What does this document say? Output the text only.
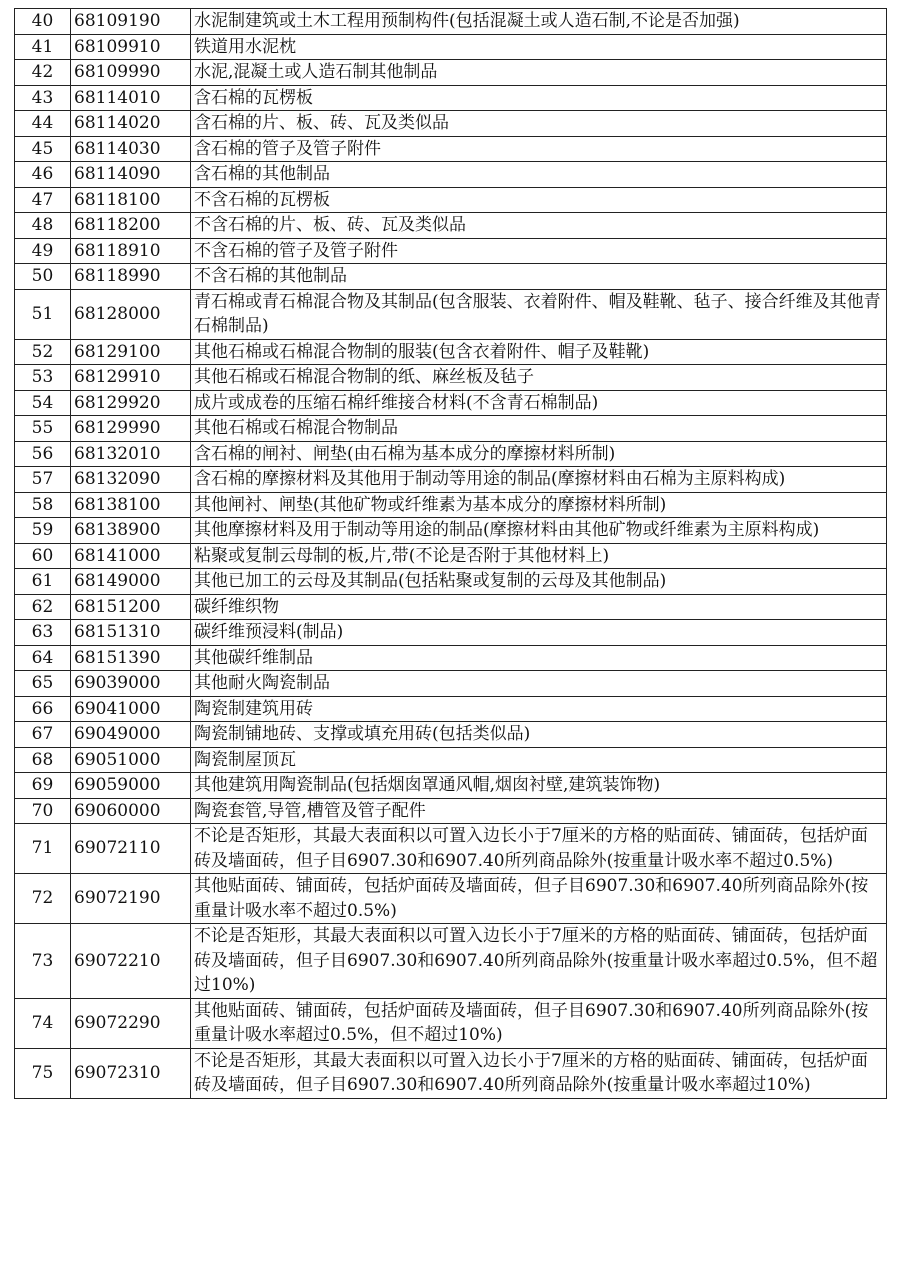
40	68109190	水泥制建筑或土木工程用预制构件(包括混凝土或人造石制,不论是否加强)
41	68109910	铁道用水泥枕
42	68109990	水泥,混凝土或人造石制其他制品
43	68114010	含石棉的瓦楞板
44	68114020	含石棉的片、板、砖、瓦及类似品
45	68114030	含石棉的管子及管子附件
46	68114090	含石棉的其他制品
47	68118100	不含石棉的瓦楞板
48	68118200	不含石棉的片、板、砖、瓦及类似品
49	68118910	不含石棉的管子及管子附件
50	68118990	不含石棉的其他制品
51	68128000	青石棉或青石棉混合物及其制品(包含服装、衣着附件、帽及鞋靴、毡子、接合纤维及其他青石棉制品)
52	68129100	其他石棉或石棉混合物制的服装(包含衣着附件、帽子及鞋靴)
53	68129910	其他石棉或石棉混合物制的纸、麻丝板及毡子
54	68129920	成片或成卷的压缩石棉纤维接合材料(不含青石棉制品)
55	68129990	其他石棉或石棉混合物制品
56	68132010	含石棉的闸衬、闸垫(由石棉为基本成分的摩擦材料所制)
57	68132090	含石棉的摩擦材料及其他用于制动等用途的制品(摩擦材料由石棉为主原料构成)
58	68138100	其他闸衬、闸垫(其他矿物或纤维素为基本成分的摩擦材料所制)
59	68138900	其他摩擦材料及用于制动等用途的制品(摩擦材料由其他矿物或纤维素为主原料构成)
60	68141000	粘聚或复制云母制的板,片,带(不论是否附于其他材料上)
61	68149000	其他已加工的云母及其制品(包括粘聚或复制的云母及其他制品)
62	68151200	碳纤维织物
63	68151310	碳纤维预浸料(制品)
64	68151390	其他碳纤维制品
65	69039000	其他耐火陶瓷制品
66	69041000	陶瓷制建筑用砖
67	69049000	陶瓷制铺地砖、支撑或填充用砖(包括类似品)
68	69051000	陶瓷制屋顶瓦
69	69059000	其他建筑用陶瓷制品(包括烟囱罩通风帽,烟囱衬壁,建筑装饰物)
70	69060000	陶瓷套管,导管,槽管及管子配件
71	69072110	不论是否矩形，其最大表面积以可置入边长小于7厘米的方格的贴面砖、铺面砖，包括炉面砖及墙面砖，但子目6907.30和6907.40所列商品除外(按重量计吸水率不超过0.5%)
72	69072190	其他贴面砖、铺面砖，包括炉面砖及墙面砖，但子目6907.30和6907.40所列商品除外(按重量计吸水率不超过0.5%)
73	69072210	不论是否矩形，其最大表面积以可置入边长小于7厘米的方格的贴面砖、铺面砖，包括炉面砖及墙面砖，但子目6907.30和6907.40所列商品除外(按重量计吸水率超过0.5%，但不超过10%)
74	69072290	其他贴面砖、铺面砖，包括炉面砖及墙面砖，但子目6907.30和6907.40所列商品除外(按重量计吸水率超过0.5%，但不超过10%)
75	69072310	不论是否矩形，其最大表面积以可置入边长小于7厘米的方格的贴面砖、铺面砖，包括炉面砖及墙面砖，但子目6907.30和6907.40所列商品除外(按重量计吸水率超过10%)
